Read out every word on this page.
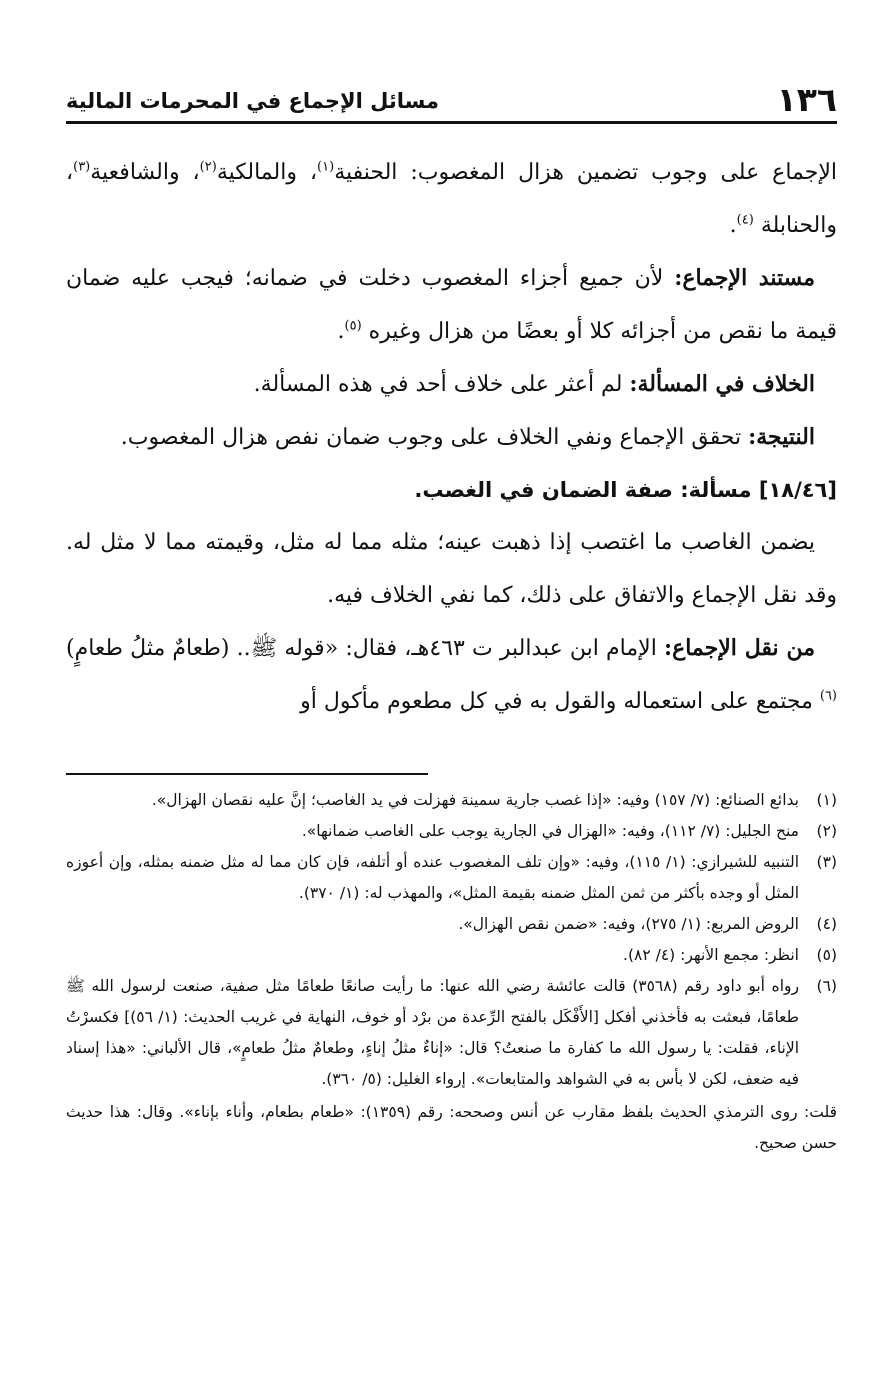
١٣٦
مسائل الإجماع في المحرمات المالية

الإجماع على وجوب تضمين هزال المغصوب: الحنفية$^{(١)}$، والمالكية$^{(٢)}$، والشافعية$^{(٣)}$، والحنابلة $^{(٤)}$.

مستند الإجماع: لأن جميع أجزاء المغصوب دخلت في ضمانه؛ فيجب عليه ضمان قيمة ما نقص من أجزائه كلا أو بعضًا من هزال وغيره $^{(٥)}$.

الخلاف في المسألة: لم أعثر على خلاف أحد في هذه المسألة.

النتيجة: تحقق الإجماع ونفي الخلاف على وجوب ضمان نفص هزال المغصوب.

[١٨/٤٦] مسألة: صفة الضمان في الغصب.

يضمن الغاصب ما اغتصب إذا ذهبت عينه؛ مثله مما له مثل، وقيمته مما لا مثل له. وقد نقل الإجماع والاتفاق على ذلك، كما نفي الخلاف فيه.

من نقل الإجماع: الإمام ابن عبدالبر ت ٤٦٣هـ، فقال: «قوله ﷺ.. (طعامٌ مثلُ طعامٍ)$^{(٦)}$ مجتمع على استعماله والقول به في كل مطعوم مأكول أو

(١)
بدائع الصنائع: (٧/ ١٥٧) وفيه: «إذا غصب جارية سمينة فهزلت في يد الغاصب؛ إنَّ عليه نقصان الهزال».
(٢)
منح الجليل: (٧/ ١١٢)، وفيه: «الهزال في الجارية يوجب على الغاصب ضمانها».
(٣)
التنبيه للشيرازي: (١/ ١١٥)، وفيه: «وإن تلف المغصوب عنده أو أتلفه، فإن كان مما له مثل ضمنه بمثله، وإن أعوزه المثل أو وجده بأكثر من ثمن المثل ضمنه بقيمة المثل»، والمهذب له: (١/ ٣٧٠).
(٤)
الروض المربع: (١/ ٢٧٥)، وفيه: «ضمن نقص الهزال».
(٥)
انظر: مجمع الأنهر: (٤/ ٨٢).
(٦)
رواه أبو داود رقم (٣٥٦٨) قالت عائشة رضي الله عنها: ما رأيت صانعًا طعامًا مثل صفية، صنعت لرسول الله ﷺ طعامًا، فبعثت به فأخذني أفكل [الأَفْكَل بالفتح الرِّعدة من برْد أو خوف، النهاية في غريب الحديث: (١/ ٥٦)] فكسرْتُ الإناء، فقلت: يا رسول الله ما كفارة ما صنعتُ؟ قال: «إناءٌ مثلُ إناءٍ، وطعامٌ مثلُ طعامٍ»، قال الألباني: «هذا إسناد فيه ضعف، لكن لا بأس به في الشواهد والمتابعات». إرواء الغليل: (٥/ ٣٦٠).

قلت: روى الترمذي الحديث بلفظ مقارب عن أنس وصححه: رقم (١٣٥٩): «طعام بطعام، وأناء بإناء». وقال: هذا حديث حسن صحيح.
